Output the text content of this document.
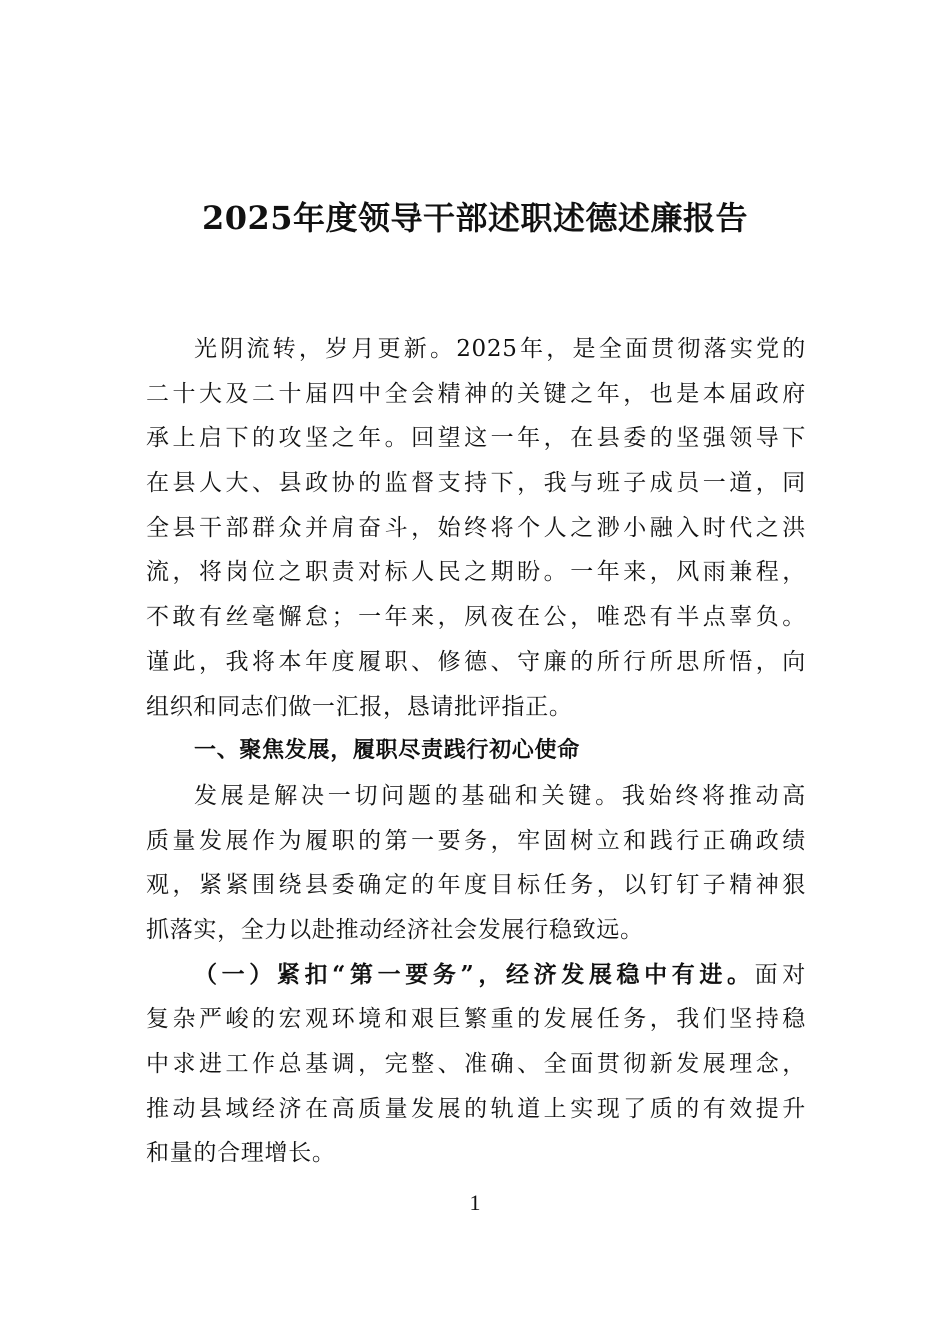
2025年度领导干部述职述德述廉报告
光阴流转，岁月更新。2025年，是全面贯彻落实党的
二十大及二十届四中全会精神的关键之年，也是本届政府
承上启下的攻坚之年。回望这一年，在县委的坚强领导下
在县人大、县政协的监督支持下，我与班子成员一道，同
全县干部群众并肩奋斗，始终将个人之渺小融入时代之洪
流，将岗位之职责对标人民之期盼。一年来，风雨兼程，
不敢有丝毫懈怠；一年来，夙夜在公，唯恐有半点辜负。
谨此，我将本年度履职、修德、守廉的所行所思所悟，向
组织和同志们做一汇报，恳请批评指正。
一、聚焦发展，履职尽责践行初心使命
发展是解决一切问题的基础和关键。我始终将推动高
质量发展作为履职的第一要务，牢固树立和践行正确政绩
观，紧紧围绕县委确定的年度目标任务，以钉钉子精神狠
抓落实，全力以赴推动经济社会发展行稳致远。
（一）紧扣“第一要务”，经济发展稳中有进。面对
复杂严峻的宏观环境和艰巨繁重的发展任务，我们坚持稳
中求进工作总基调，完整、准确、全面贯彻新发展理念，
推动县域经济在高质量发展的轨道上实现了质的有效提升
和量的合理增长。
1
